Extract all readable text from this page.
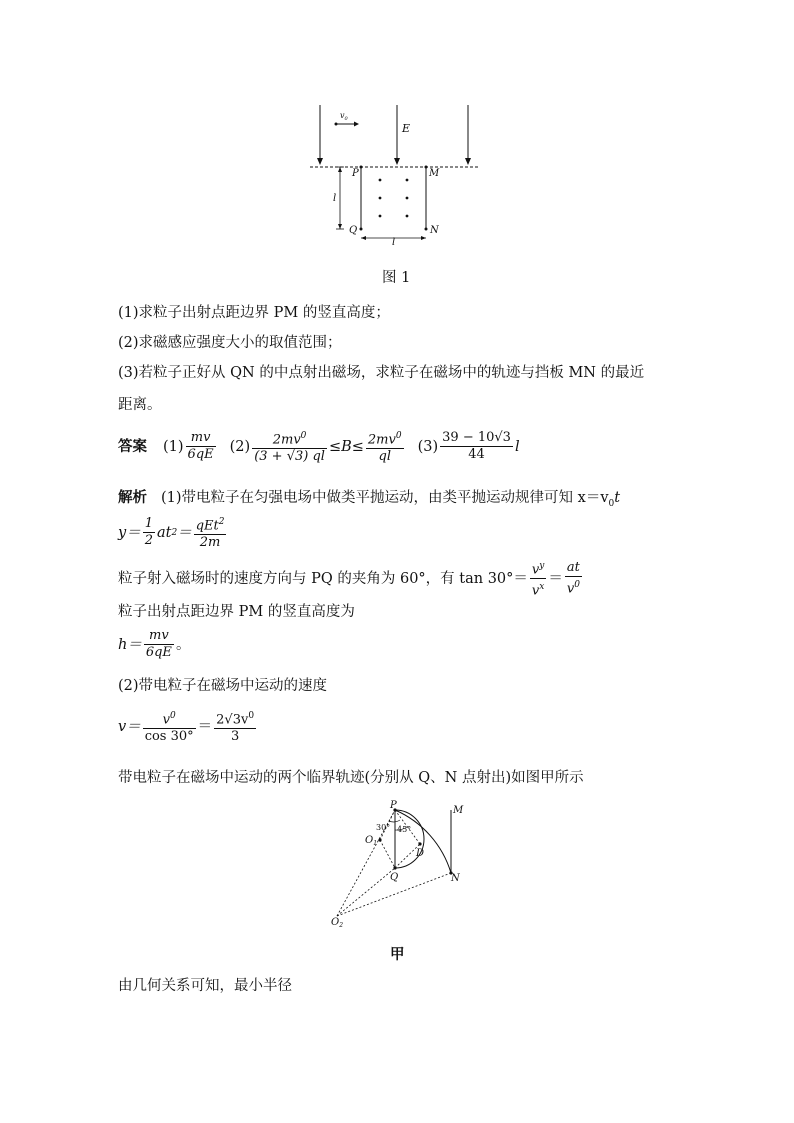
$v_0$
E
P	M
Q	N
l
l
图 1
(1)求粒子出射点距边界 PM 的竖直高度；
(2)求磁感应强度大小的取值范围；
(3)若粒子正好从 QN 的中点射出磁场，求粒子在磁场中的轨迹与挡板 MN 的最近
距离。
答案 $(1) \frac{mv}{6qE} (2) \frac{2mv^0}{(3 + √3) ql} \le B\le \frac{2mv^0}{ql} (3) \frac{39 - 10√3}{44}$ l
解析 (1)带电粒子在匀强电场中做类平抛运动，由类平抛运动规律可知 $x=v_0t$
$y= \frac{1}{2}$ at $2 = \frac{qEt^2}{2m}$
粒子射入磁场时的速度方向与 PQ 的夹角为 60°，有 $\tan 30^\circ= \frac{v^y}{v^x} = \frac{at}{v^0}$
粒子出射点距边界 PM 的竖直高度为
$h= \frac{mv}{6qE}$ 。
(2)带电粒子在磁场中运动的速度
$v= \frac{v^0}{\cos 30^\circ} = \frac{2√3v^0}{3}$
带电粒子在磁场中运动的两个临界轨迹(分别从 Q、N 点射出)如图甲所示
P	M
Q	N
D
$O_1$
$O_2$
30° 45°
甲
由几何关系可知，最小半径
